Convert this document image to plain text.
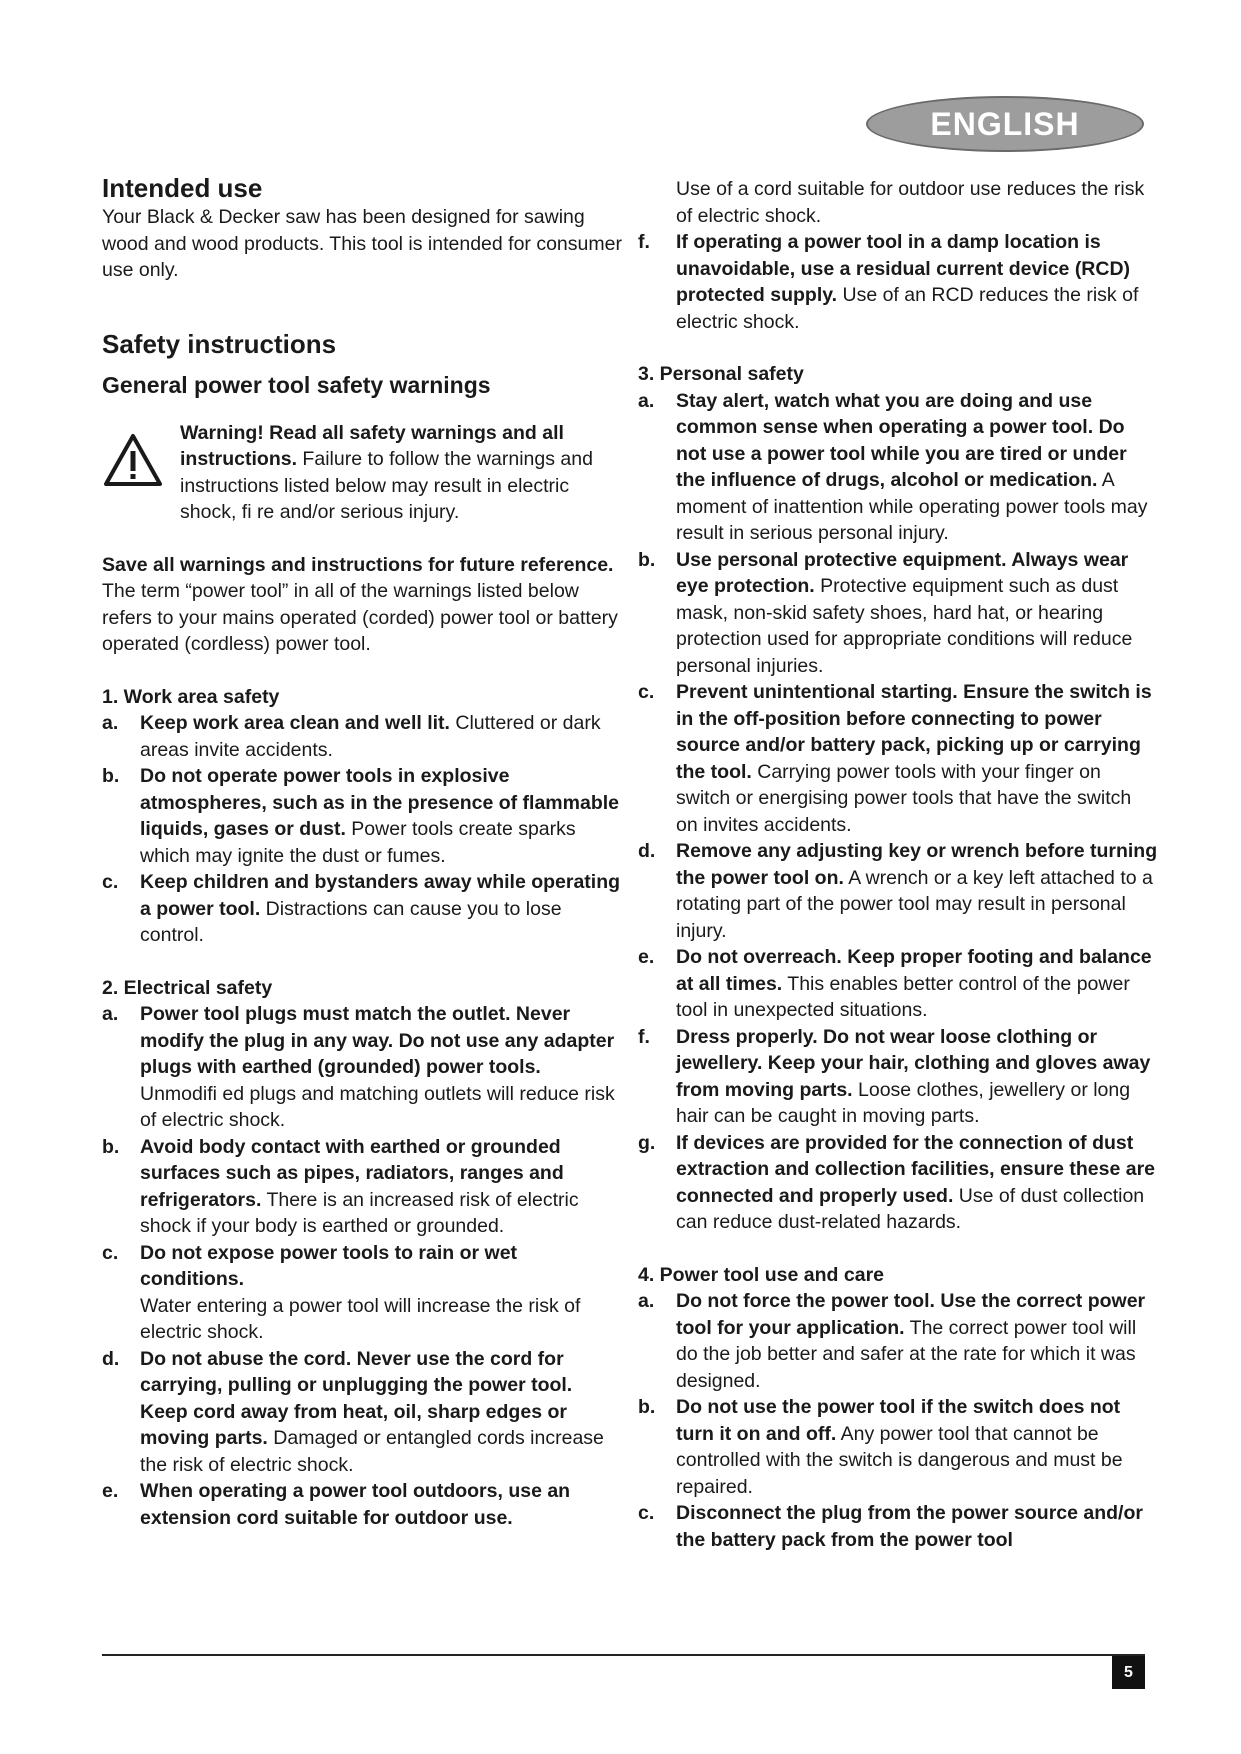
ENGLISH
Intended use

Your Black & Decker saw has been designed for sawing wood and wood products. This tool is intended for consumer use only.

Safety instructions
General power tool safety warnings
Warning! Read all safety warnings and all instructions. Failure to follow the warnings and instructions listed below may result in electric shock, fi re and/or serious injury.

Save all warnings and instructions for future reference.

The term “power tool” in all of the warnings listed below refers to your mains operated (corded) power tool or battery operated (cordless) power tool.

1. Work area safety
a.	Keep work area clean and well lit. Cluttered or dark areas invite accidents.
b.	Do not operate power tools in explosive atmospheres, such as in the presence of flammable liquids, gases or dust. Power tools create sparks which may ignite the dust or fumes.
c.	Keep children and bystanders away while operating a power tool. Distractions can cause you to lose control.
2. Electrical safety
a.	Power tool plugs must match the outlet. Never modify the plug in any way. Do not use any adapter plugs with earthed (grounded) power tools. Unmodifi ed plugs and matching outlets will reduce risk of electric shock.
b.	Avoid body contact with earthed or grounded surfaces such as pipes, radiators, ranges and refrigerators. There is an increased risk of electric shock if your body is earthed or grounded.
c.	Do not expose power tools to rain or wet conditions.
Water entering a power tool will increase the risk of electric shock.
d.	Do not abuse the cord. Never use the cord for carrying, pulling or unplugging the power tool. Keep cord away from heat, oil, sharp edges or moving parts. Damaged or entangled cords increase the risk of electric shock.
e.	When operating a power tool outdoors, use an extension cord suitable for outdoor use.
Use of a cord suitable for outdoor use reduces the risk of electric shock.
f.	If operating a power tool in a damp location is unavoidable, use a residual current device (RCD) protected supply. Use of an RCD reduces the risk of electric shock.
3. Personal safety
a.	Stay alert, watch what you are doing and use common sense when operating a power tool. Do not use a power tool while you are tired or under the influence of drugs, alcohol or medication. A moment of inattention while operating power tools may result in serious personal injury.
b.	Use personal protective equipment. Always wear eye protection. Protective equipment such as dust mask, non-skid safety shoes, hard hat, or hearing protection used for appropriate conditions will reduce personal injuries.
c.	Prevent unintentional starting. Ensure the switch is in the off-position before connecting to power source and/or battery pack, picking up or carrying the tool. Carrying power tools with your finger on switch or energising power tools that have the switch on invites accidents.
d.	Remove any adjusting key or wrench before turning the power tool on. A wrench or a key left attached to a rotating part of the power tool may result in personal injury.
e.	Do not overreach. Keep proper footing and balance at all times. This enables better control of the power tool in unexpected situations.
f.	Dress properly. Do not wear loose clothing or jewellery. Keep your hair, clothing and gloves away from moving parts. Loose clothes, jewellery or long hair can be caught in moving parts.
g.	If devices are provided for the connection of dust extraction and collection facilities, ensure these are connected and properly used. Use of dust collection can reduce dust-related hazards.
4. Power tool use and care
a.	Do not force the power tool. Use the correct power tool for your application. The correct power tool will do the job better and safer at the rate for which it was designed.
b.	Do not use the power tool if the switch does not turn it on and off. Any power tool that cannot be controlled with the switch is dangerous and must be repaired.
c.	Disconnect the plug from the power source and/or the battery pack from the power tool
5
